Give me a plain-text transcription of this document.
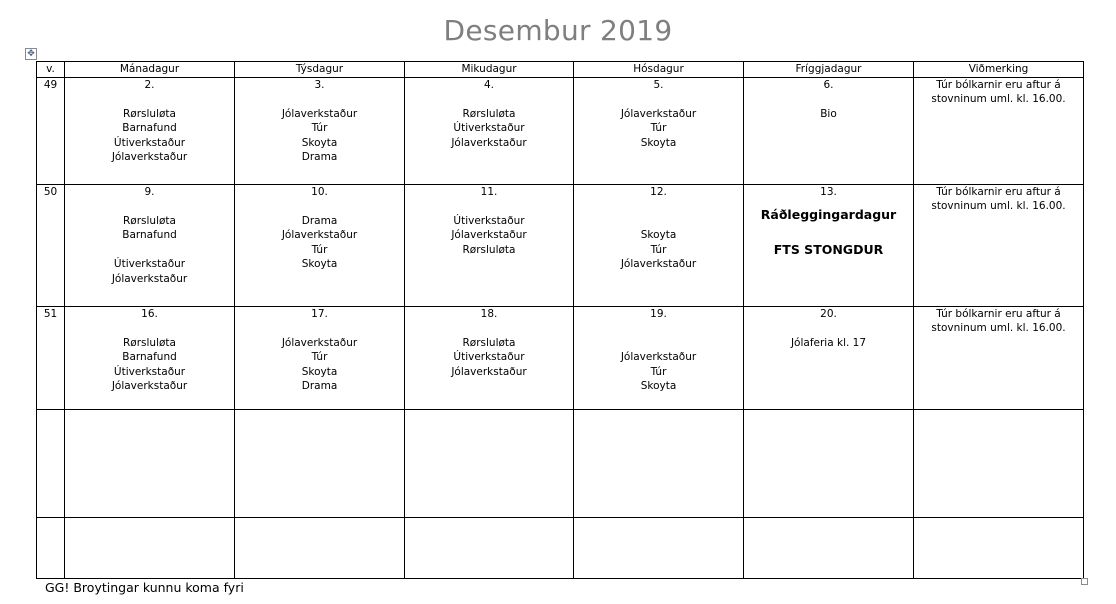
Desembur 2019
✥
v.	Mánadagur	Týsdagur	Mikudagur	Hósdagur	Fríggjadagur	Viðmerking
49	2.
Rørsluløta
Barnafund
Útiverkstaður
Jólaverkstaður	3.
Jólaverkstaður
Túr
Skoyta
Drama	4.
Rørsluløta
Útiverkstaður
Jólaverkstaður	5.
Jólaverkstaður
Túr
Skoyta	6.
Bio	Túr bólkarnir eru aftur á stovninum uml. kl. 16.00.

50	9.
Rørsluløta
Barnafund
Útiverkstaður
Jólaverkstaður	10.
Drama
Jólaverkstaður
Túr
Skoyta	11.
Útiverkstaður
Jólaverkstaður
Rørsluløta	12.
Skoyta
Túr
Jólaverkstaður	13.
Ráðleggingardagur
FTS STONGDUR	Túr bólkarnir eru aftur á stovninum uml. kl. 16.00.

51	16.
Rørsluløta
Barnafund
Útiverkstaður
Jólaverkstaður	17.
Jólaverkstaður
Túr
Skoyta
Drama	18.
Rørsluløta
Útiverkstaður
Jólaverkstaður	19.
Jólaverkstaður
Túr
Skoyta	20.
Jólaferia kl. 17	Túr bólkarnir eru aftur á stovninum uml. kl. 16.00.

GG! Broytingar kunnu koma fyri
